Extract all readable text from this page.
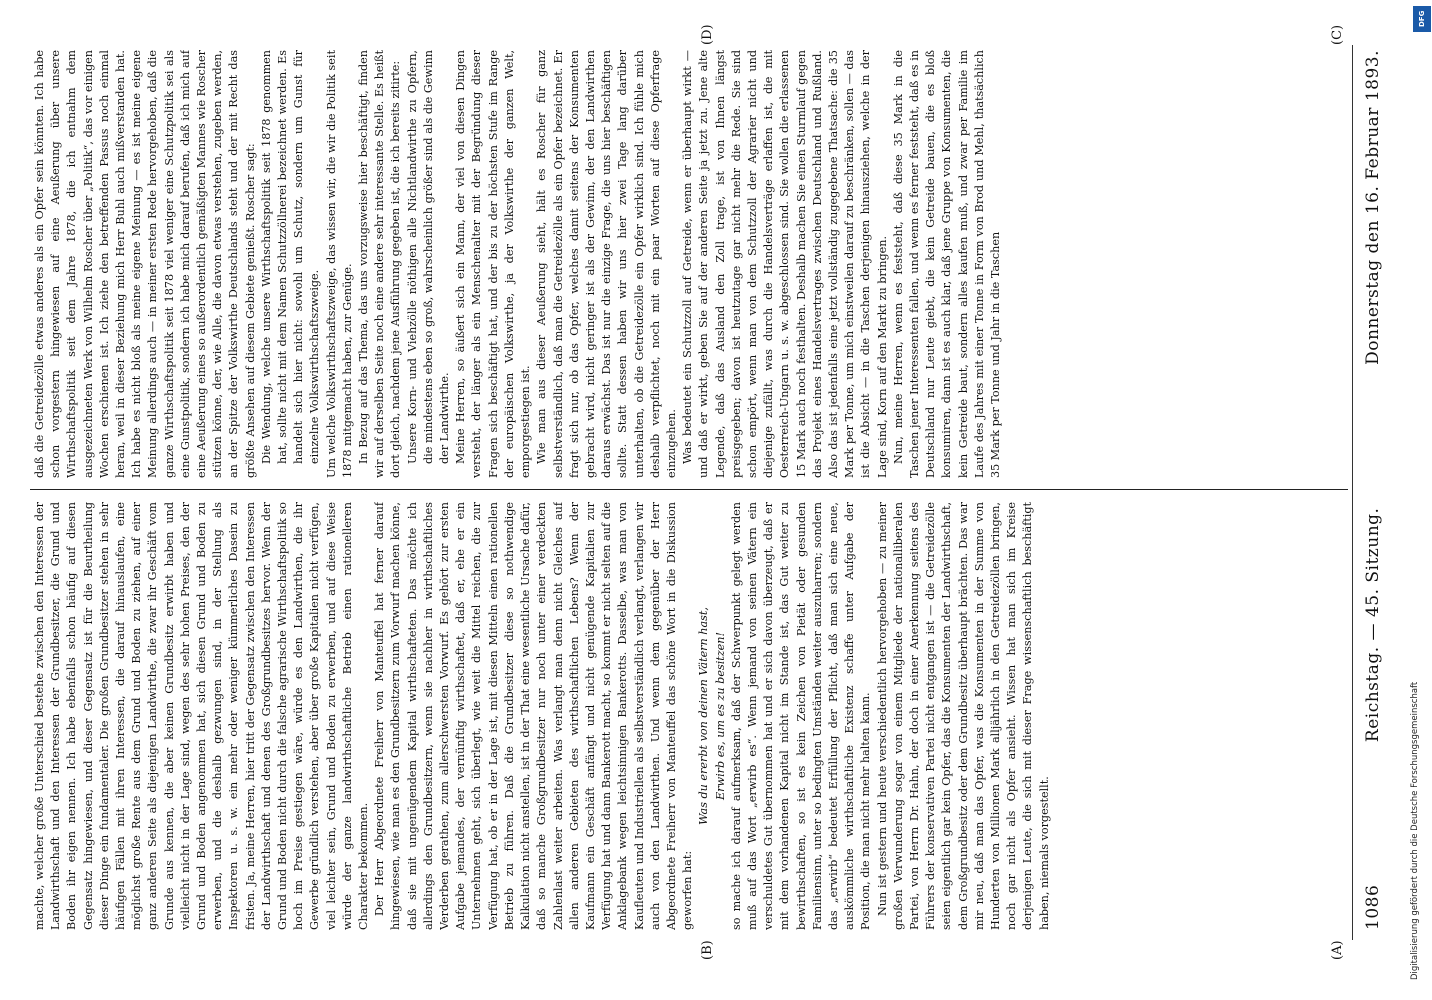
1086
Reichstag. — 45. Sitzung.
Donnerstag den 16. Februar 1893.

machte, welcher große Unterschied bestehe zwischen den Interessen der Landwirthschaft und den Interessen der Grundbesitzer, die Grund und Boden ihr eigen nennen. Ich habe ebenfalls schon häufig auf diesen Gegensatz hingewiesen, und dieser Gegensatz ist für die Beurtheilung dieser Dinge ein fundamentaler. Die großen Grundbesitzer stehen in sehr häufigen Fällen mit ihren Interessen, die darauf hinauslaufen, eine möglichst große Rente aus dem Grund und Boden zu ziehen, auf einer ganz anderen Seite als diejenigen Landwirthe, die zwar ihr Geschäft vom Grunde aus kennen, die aber keinen Grundbesitz erwirbt haben und vielleicht nicht in der Lage sind, wegen des sehr hohen Preises, den der Grund und Boden angenommen hat, sich diesen Grund und Boden zu erwerben, und die deshalb gezwungen sind, in der Stellung als Inspektoren u. s. w. ein mehr oder weniger kümmerliches Dasein zu fristen. Ja, meine Herren, hier tritt der Gegensatz zwischen den Interessen der Landwirthschaft und denen des Großgrundbesitzes hervor. Wenn der Grund und Boden nicht durch die falsche agrarische Wirthschaftspolitik so hoch im Preise gestiegen wäre, würde es den Landwirthen, die ihr Gewerbe gründlich verstehen, aber über große Kapitalien nicht verfügen, viel leichter sein, Grund und Boden zu erwerben, und auf diese Weise würde der ganze landwirthschaftliche Betrieb einen rationelleren Charakter bekommen. Der Herr Abgeordnete Freiherr von Manteuffel hat ferner darauf hingewiesen, wie man es den Grundbesitzern zum Vorwurf machen könne, daß sie mit ungenügendem Kapital wirthschafteten. Das möchte ich allerdings den Grundbesitzern, wenn sie nachher in wirthschaftliches Verderben gerathen, zum allerschwersten Vorwurf. Es gehört zur ersten Aufgabe jemandes, der vernünftig wirthschaftet, daß er, ehe er ein Unternehmen geht, sich überlegt, wie weit die Mittel reichen, die zur Verfügung hat, ob er in der Lage ist, mit diesen Mitteln einen rationellen Betrieb zu führen. Daß die Grundbesitzer diese so nothwendige Kalkulation nicht anstellen, ist in der That eine wesentliche Ursache dafür, daß so manche Großgrundbesitzer nur noch unter einer verdeckten Zahlenlast weiter arbeiten. Was verlangt man denn nicht Gleiches auf allen anderen Gebieten des wirthschaftlichen Lebens? Wenn der Kaufmann ein Geschäft anfängt und nicht genügende Kapitalien zur Verfügung hat und dann Bankerott macht, so kommt er nicht selten auf die Anklagebank wegen leichtsinnigen Bankerotts. Dasselbe, was man von Kaufleuten und Industriellen als selbstverständlich verlangt, verlangen wir auch von den Landwirthen. Und wenn dem gegenüber der Herr Abgeordnete Freiherr von Manteuffel das schöne Wort in die Diskussion geworfen hat:

Was du ererbt von deinen Vätern hast,
Erwirb es, um es zu besitzen! so mache ich darauf aufmerksam, daß der Schwerpunkt gelegt werden muß auf das Wort „erwirb es“. Wenn jemand von seinen Vätern ein verschuldetes Gut übernommen hat und er sich davon überzeugt, daß er mit dem vorhandenen Kapital nicht im Stande ist, das Gut weiter zu bewirthschaften, so ist es kein Zeichen von Pietät oder gesunden Familiensinn, unter so bedingten Umständen weiter auszuharren; sondern das „erwirb“ bedeutet Erfüllung der Pflicht, daß man sich eine neue, auskömmliche wirthschaftliche Existenz schaffe unter Aufgabe der Position, die man nicht mehr halten kann. Nun ist gestern und heute verschiedentlich hervorgehoben — zu meiner großen Verwunderung sogar von einem Mitgliede der nationalliberalen Partei, von Herrn Dr. Hahn, der doch in einer Anerkennung seitens des Führers der konservativen Partei nicht entgangen ist — die Getreidezölle seien eigentlich gar kein Opfer, das die Konsumenten der Landwirthschaft, dem Großgrundbesitz oder dem Grundbesitz überhaupt brächten. Das war mir neu, daß man das Opfer, was die Konsumenten in der Summe von Hunderten von Millionen Mark alljährlich in den Getreidezöllen bringen, noch gar nicht als Opfer ansieht. Wissen hat man sich im Kreise derjenigen Leute, die sich mit dieser Frage wissenschaftlich beschäftigt haben, niemals vorgestellt.

daß die Getreidezölle etwas anderes als ein Opfer sein könnten. Ich habe schon vorgestern hingewiesen auf eine Aeußerung über unsere Wirthschaftspolitik seit dem Jahre 1878, die ich entnahm dem ausgezeichneten Werk von Wilhelm Roscher über „Politik“, das vor einigen Wochen erschienen ist. Ich ziehe den betreffenden Passus noch einmal heran, weil in dieser Beziehung mich Herr Buhl auch mißverstanden hat. Ich habe es nicht bloß als meine eigene Meinung — es ist meine eigene Meinung allerdings auch — in meiner ersten Rede hervorgehoben, daß die ganze Wirthschaftspolitik seit 1878 viel weniger eine Schutzpolitik sei als eine Gunstpolitik, sondern ich habe mich darauf berufen, daß ich mich auf eine Aeußerung eines so außerordentlich gemäßigten Mannes wie Roscher stützen könne, der, wie Alle, die davon etwas verstehen, zugeben werden, an der Spitze der Volkswirthe Deutschlands steht und der mit Recht das größte Ansehen auf diesem Gebiete genießt. Roscher sagt: Die Wendung, welche unsere Wirthschaftspolitik seit 1878 genommen hat, sollte nicht mit dem Namen Schutzzöllnerei bezeichnet werden. Es handelt sich hier nicht: sowohl um Schutz, sondern um Gunst für einzelne Volkswirthschaftszweige. Um welche Volkswirthschaftszweige, das wissen wir, die wir die Politik seit 1878 mitgemacht haben, zur Genüge. In Bezug auf das Thema, das uns vorzugsweise hier beschäftigt, finden wir auf derselben Seite noch eine andere sehr interessante Stelle. Es heißt dort gleich, nachdem jene Ausführung gegeben ist, die ich bereits zitirte: Unsere Korn- und Viehzölle nöthigen alle Nichtlandwirthe zu Opfern, die mindestens eben so groß, wahrscheinlich größer sind als die Gewinn der Landwirthe. Meine Herren, so äußert sich ein Mann, der viel von diesen Dingen versteht, der länger als ein Menschenalter mit der Begründung dieser Fragen sich beschäftigt hat, und der bis zu der höchsten Stufe im Range der europäischen Volkswirthe, ja der Volkswirthe der ganzen Welt, emporgestiegen ist. Wie man aus dieser Aeußerung sieht, hält es Roscher für ganz selbstverständlich, daß man die Getreidezölle als ein Opfer bezeichnet. Er fragt sich nur, ob das Opfer, welches damit seitens der Konsumenten gebracht wird, nicht geringer ist als der Gewinn, der den Landwirthen daraus erwächst. Das ist nur die einzige Frage, die uns hier beschäftigen sollte. Statt dessen haben wir uns hier zwei Tage lang darüber unterhalten, ob die Getreidezölle ein Opfer wirklich sind. Ich fühle mich deshalb verpflichtet, noch mit ein paar Worten auf diese Opferfrage einzugehen. Was bedeutet ein Schutzzoll auf Getreide, wenn er überhaupt wirkt — und daß er wirkt, geben Sie auf der anderen Seite ja jetzt zu. Jene alte Legende, daß das Ausland den Zoll trage, ist von Ihnen längst preisgegeben; davon ist heutzutage gar nicht mehr die Rede. Sie sind schon empört, wenn man von dem Schutzzoll der Agrarier nicht und diejenige zufällt, was durch die Handelsverträge erlaffen ist, die mit Oesterreich-Ungarn u. s. w. abgeschlossen sind. Sie wollen die erlassenen 15 Mark auch noch festhalten. Deshalb machen Sie einen Sturmlauf gegen das Projekt eines Handelsvertrages zwischen Deutschland und Rußland. Also das ist jedenfalls eine jetzt vollständig zugegebene Thatsache: die 35 Mark per Tonne, um mich einstweilen darauf zu beschränken, sollen — das ist die Absicht — in die Taschen derjenigen hinausziehen, welche in der Lage sind, Korn auf den Markt zu bringen. Nun, meine Herren, wenn es feststeht, daß diese 35 Mark in die Taschen jener Interessenten fallen, und wenn es ferner feststeht, daß es in Deutschland nur Leute giebt, die kein Getreide bauen, die es bloß konsumiren, dann ist es auch klar, daß jene Gruppe von Konsumenten, die kein Getreide baut, sondern alles kaufen muß, und zwar per Familie im Laufe des Jahres mit einer Tonne in Form von Brod und Mehl, thatsächlich 35 Mark per Tonne und Jahr in die Taschen

(A)
(B)
(C)
(D)
DFG
Digitalisierung gefördert durch die Deutsche Forschungsgemeinschaft
